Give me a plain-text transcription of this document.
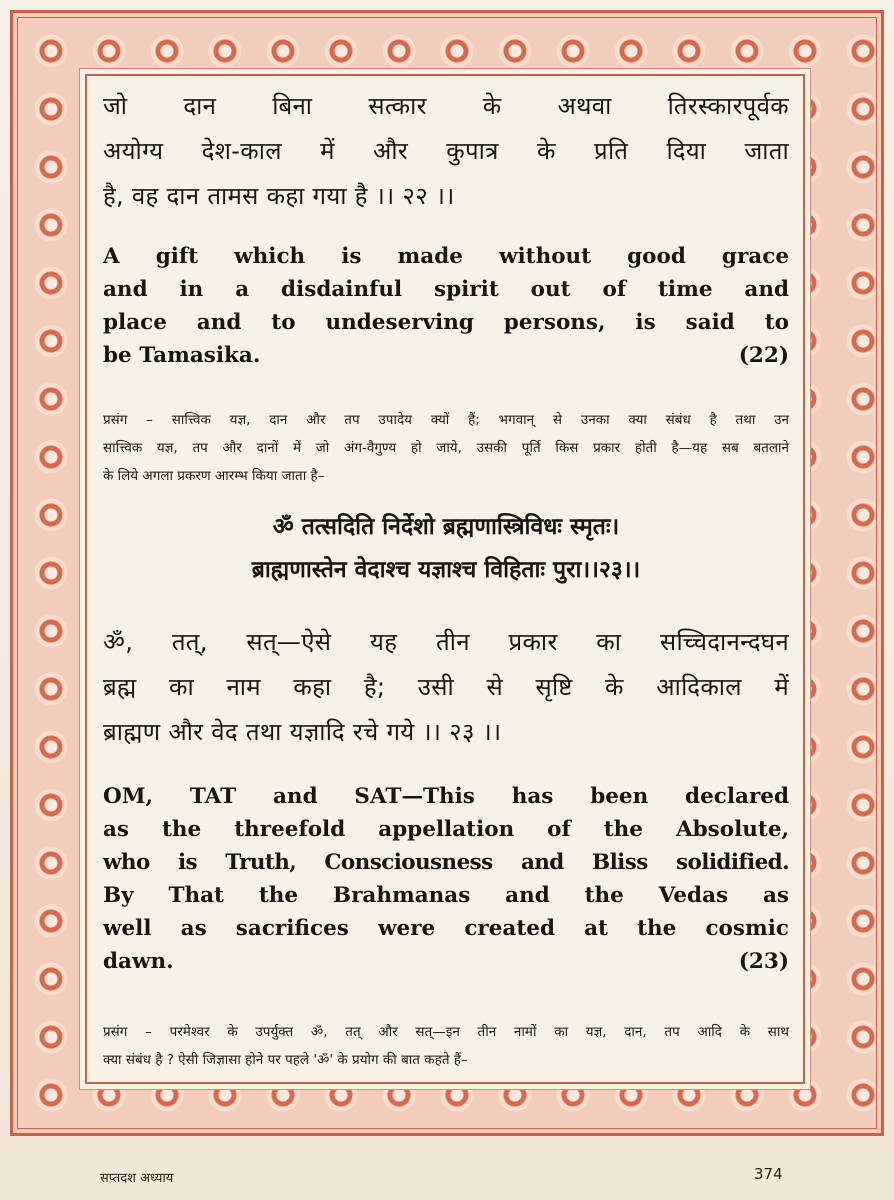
जो दान बिना सत्कार के अथवा तिरस्कारपूर्वक
अयोग्य देश-काल में और कुपात्र के प्रति दिया जाता
है, वह दान तामस कहा गया है ।। २२ ।।
A gift which is made without good grace
and in a disdainful spirit out of time and
place and to undeserving persons, is said to
be Tamasika.	(22)
प्रसंग – सात्त्विक यज्ञ, दान और तप उपादेय क्यों हैं; भगवान् से उनका क्या संबंध है तथा उन
सात्त्विक यज्ञ, तप और दानों में जो अंग-वैगुण्य हो जाये, उसकी पूर्ति किस प्रकार होती है—यह सब बतलाने
के लिये अगला प्रकरण आरम्भ किया जाता है–
ॐ तत्सदिति निर्देशो ब्रह्मणास्त्रिविधः स्मृतः।
ब्राह्मणास्तेन वेदाश्च यज्ञाश्च विहिताः पुरा।।२३।।
ॐ, तत्, सत्—ऐसे यह तीन प्रकार का सच्चिदानन्दघन
ब्रह्म का नाम कहा है; उसी से सृष्टि के आदिकाल में
ब्राह्मण और वेद तथा यज्ञादि रचे गये ।। २३ ।।
OM, TAT and SAT—This has been declared
as the threefold appellation of the Absolute,
who is Truth, Consciousness and Bliss solidified.
By That the Brahmanas and the Vedas as
well as sacrifices were created at the cosmic
dawn.	(23)
प्रसंग – परमेश्वर के उपर्युक्त ॐ, तत् और सत्—इन तीन नामों का यज्ञ, दान, तप आदि के साथ
क्या संबंध है ? ऐसी जिज्ञासा होने पर पहले 'ॐ' के प्रयोग की बात कहते हैं–
सप्तदश अध्याय	374
